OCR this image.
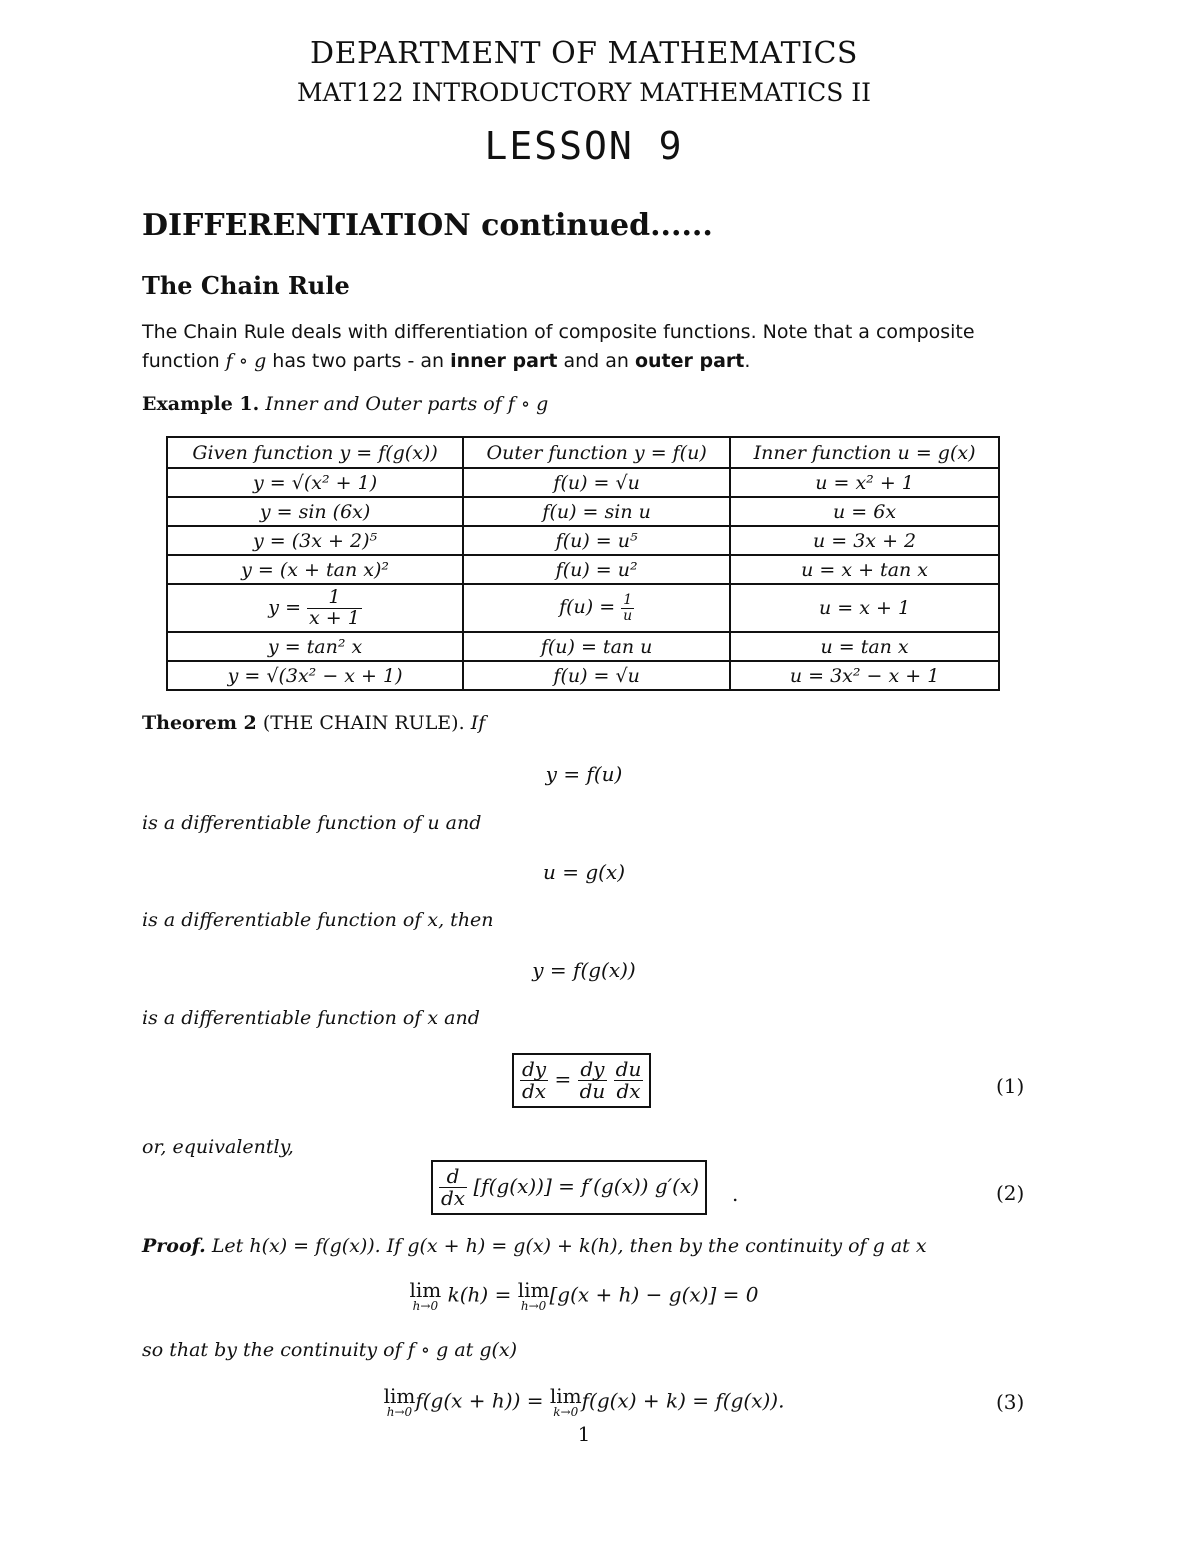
DEPARTMENT OF MATHEMATICS
MAT122 INTRODUCTORY MATHEMATICS II
LESSON 9
DIFFERENTIATION continued......
The Chain Rule
The Chain Rule deals with differentiation of composite functions. Note that a composite
function f ∘ g has two parts - an inner part and an outer part.
Example 1. Inner and Outer parts of f ∘ g
Given function y = f(g(x))	Outer function y = f(u)	Inner function u = g(x)
y = √(x² + 1)	f(u) = √u	u = x² + 1
y = sin (6x)	f(u) = sin u	u = 6x
y = (3x + 2)⁵	f(u) = u⁵	u = 3x + 2
y = (x + tan x)²	f(u) = u²	u = x + tan x
$y = \frac{1}{x + 1}$	$f(u) = \frac{1}{u}$	u = x + 1
y = tan² x	f(u) = tan u	u = tan x
y = √(3x² − x + 1)	f(u) = √u	u = 3x² − x + 1
Theorem 2 (THE CHAIN RULE). If
y = f(u)
is a differentiable function of u and
u = g(x)
is a differentiable function of x, then
y = f(g(x))
is a differentiable function of x and
$\frac{dy}{dx} = \frac{dy}{du}$
$\frac{du}{dx}$	(1)
or, equivalently,
$\frac{d}{dx} [f(g(x))] = f'(g(x))$ g′(x)	.	(2)
Proof. Let h(x) = f(g(x)). If g(x + h) = g(x) + k(h), then by the continuity of g at x
lim
h→0 k(h) = lim
h→0 [g(x + h) − g(x)] = 0
so that by the continuity of f ∘ g at g(x)
lim
h→0 f(g(x + h)) = lim
k→0 f(g(x) + k) = f(g(x)).	(3)
1
